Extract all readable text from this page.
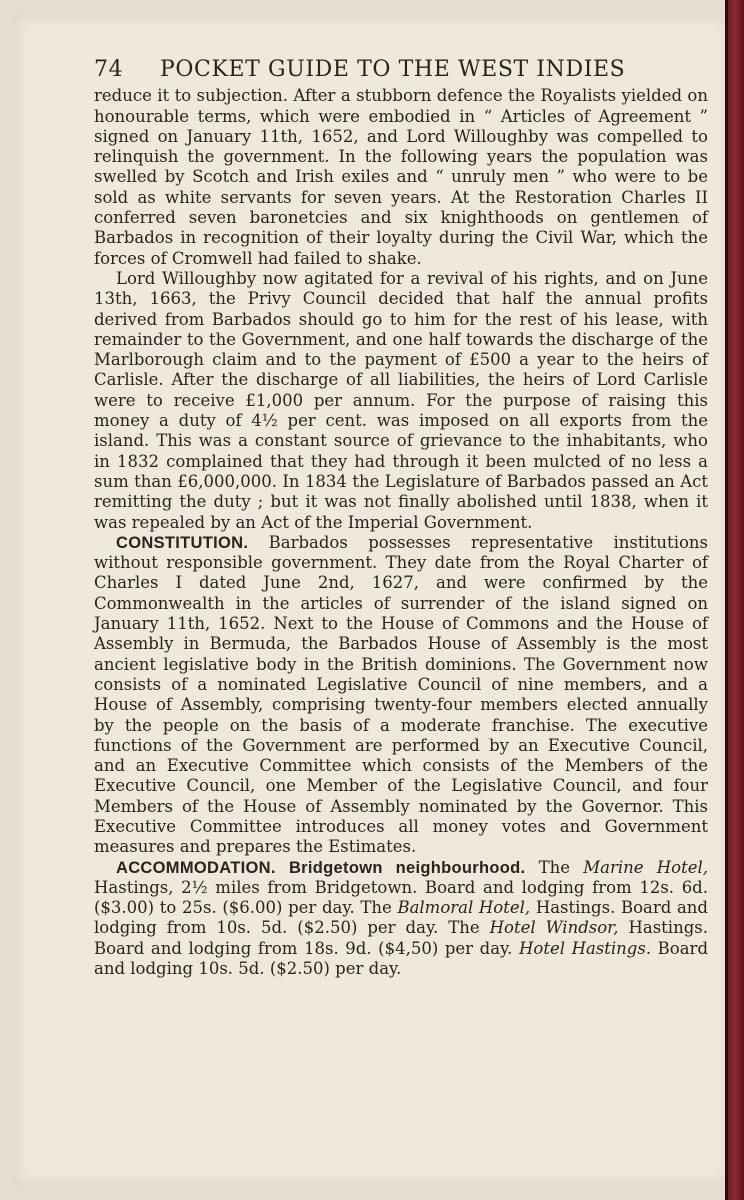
74	POCKET GUIDE TO THE WEST INDIES

reduce it to subjection. After a stubborn defence the Royalists yielded on honourable terms, which were embodied in “ Articles of Agreement ” signed on January 11th, 1652, and Lord Willoughby was compelled to relinquish the government. In the following years the population was swelled by Scotch and Irish exiles and “ unruly men ” who were to be sold as white servants for seven years. At the Restoration Charles II conferred seven baronetcies and six knighthoods on gentlemen of Barbados in recognition of their loyalty during the Civil War, which the forces of Cromwell had failed to shake.

Lord Willoughby now agitated for a revival of his rights, and on June 13th, 1663, the Privy Council decided that half the annual profits derived from Barbados should go to him for the rest of his lease, with remainder to the Government, and one half towards the discharge of the Marlborough claim and to the payment of £500 a year to the heirs of Carlisle. After the discharge of all liabilities, the heirs of Lord Carlisle were to receive £1,000 per annum. For the purpose of raising this money a duty of 4½ per cent. was imposed on all exports from the island. This was a constant source of grievance to the inhabitants, who in 1832 complained that they had through it been mulcted of no less a sum than £6,000,000. In 1834 the Legislature of Barbados passed an Act remitting the duty ; but it was not finally abolished until 1838, when it was repealed by an Act of the Imperial Government.

CONSTITUTION. Barbados possesses representative institutions without responsible government. They date from the Royal Charter of Charles I dated June 2nd, 1627, and were confirmed by the Commonwealth in the articles of surrender of the island signed on January 11th, 1652. Next to the House of Commons and the House of Assembly in Bermuda, the Barbados House of Assembly is the most ancient legislative body in the British dominions. The Government now consists of a nominated Legislative Council of nine members, and a House of Assembly, comprising twenty-four members elected annually by the people on the basis of a moderate franchise. The executive functions of the Government are performed by an Executive Council, and an Executive Committee which consists of the Members of the Executive Council, one Member of the Legislative Council, and four Members of the House of Assembly nominated by the Governor. This Executive Committee introduces all money votes and Government measures and prepares the Estimates.

ACCOMMODATION. Bridgetown neighbourhood. The Marine Hotel, Hastings, 2½ miles from Bridgetown. Board and lodging from 12s. 6d. ($3.00) to 25s. ($6.00) per day. The Balmoral Hotel, Hastings. Board and lodging from 10s. 5d. ($2.50) per day. The Hotel Windsor, Hastings. Board and lodging from 18s. 9d. ($4,50) per day. Hotel Hastings. Board and lodging 10s. 5d. ($2.50) per day.
